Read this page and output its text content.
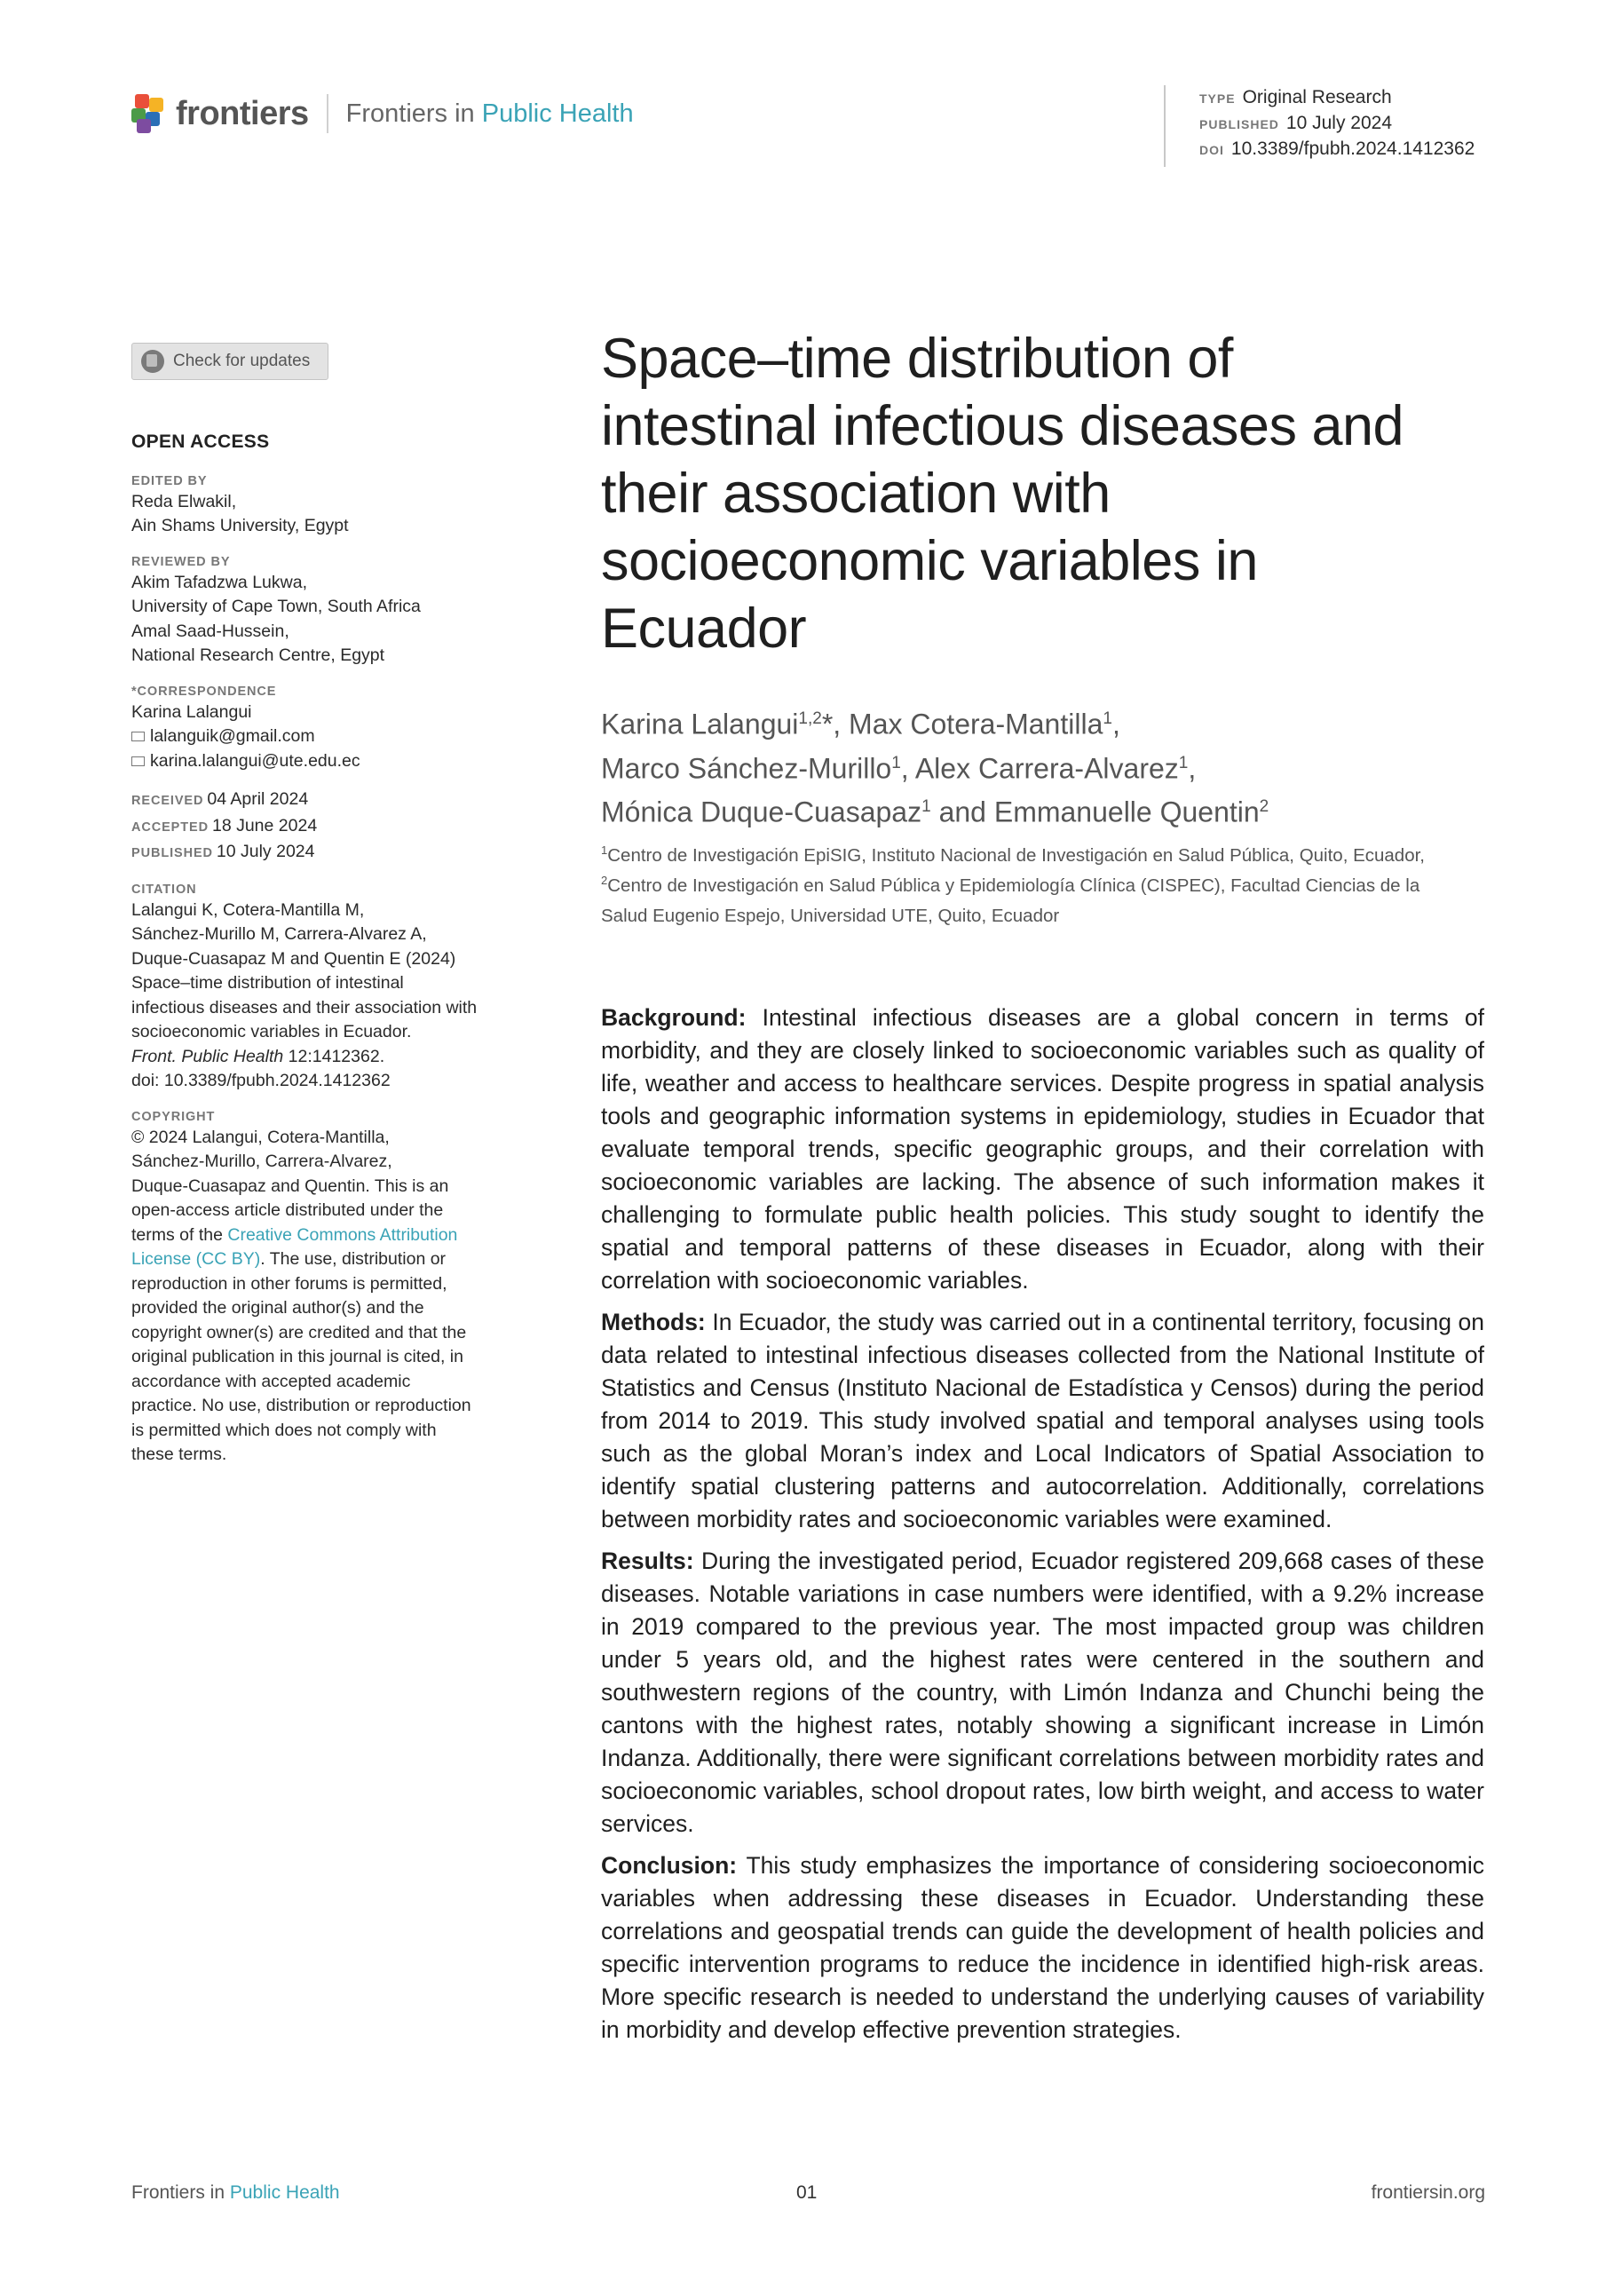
frontiers Frontiers in Public Health
TYPE Original Research
PUBLISHED 10 July 2024
DOI 10.3389/fpubh.2024.1412362
Check for updates
OPEN ACCESS
EDITED BY
Reda Elwakil,
Ain Shams University, Egypt
REVIEWED BY
Akim Tafadzwa Lukwa,
University of Cape Town, South Africa
Amal Saad-Hussein,
National Research Centre, Egypt
*CORRESPONDENCE
Karina Lalangui
lalanguik@gmail.com
karina.lalangui@ute.edu.ec
RECEIVED 04 April 2024
ACCEPTED 18 June 2024
PUBLISHED 10 July 2024
CITATION
Lalangui K, Cotera-Mantilla M,
Sánchez-Murillo M, Carrera-Alvarez A,
Duque-Cuasapaz M and Quentin E (2024)
Space–time distribution of intestinal
infectious diseases and their association with
socioeconomic variables in Ecuador.
Front. Public Health 12:1412362.
doi: 10.3389/fpubh.2024.1412362
COPYRIGHT
© 2024 Lalangui, Cotera-Mantilla,
Sánchez-Murillo, Carrera-Alvarez,
Duque-Cuasapaz and Quentin. This is an
open-access article distributed under the
terms of the Creative Commons Attribution
License (CC BY). The use, distribution or
reproduction in other forums is permitted,
provided the original author(s) and the
copyright owner(s) are credited and that the
original publication in this journal is cited, in
accordance with accepted academic
practice. No use, distribution or reproduction
is permitted which does not comply with
these terms.
Space–time distribution of
intestinal infectious diseases and
their association with
socioeconomic variables in
Ecuador
Karina Lalangui$^{1,2}$*, Max Cotera-Mantilla$^1$,
Marco Sánchez-Murillo$^1$, Alex Carrera-Alvarez$^1$,
Mónica Duque-Cuasapaz$^1$ and Emmanuelle Quentin$^2$
$^1$Centro de Investigación EpiSIG, Instituto Nacional de Investigación en Salud Pública, Quito, Ecuador,
$^2$Centro de Investigación en Salud Pública y Epidemiología Clínica (CISPEC), Facultad Ciencias de la
Salud Eugenio Espejo, Universidad UTE, Quito, Ecuador

Background: Intestinal infectious diseases are a global concern in terms of morbidity, and they are closely linked to socioeconomic variables such as quality of life, weather and access to healthcare services. Despite progress in spatial analysis tools and geographic information systems in epidemiology, studies in Ecuador that evaluate temporal trends, specific geographic groups, and their correlation with socioeconomic variables are lacking. The absence of such information makes it challenging to formulate public health policies. This study sought to identify the spatial and temporal patterns of these diseases in Ecuador, along with their correlation with socioeconomic variables.

Methods: In Ecuador, the study was carried out in a continental territory, focusing on data related to intestinal infectious diseases collected from the National Institute of Statistics and Census (Instituto Nacional de Estadística y Censos) during the period from 2014 to 2019. This study involved spatial and temporal analyses using tools such as the global Moran’s index and Local Indicators of Spatial Association to identify spatial clustering patterns and autocorrelation. Additionally, correlations between morbidity rates and socioeconomic variables were examined.

Results: During the investigated period, Ecuador registered 209,668 cases of these diseases. Notable variations in case numbers were identified, with a 9.2% increase in 2019 compared to the previous year. The most impacted group was children under 5 years old, and the highest rates were centered in the southern and southwestern regions of the country, with Limón Indanza and Chunchi being the cantons with the highest rates, notably showing a significant increase in Limón Indanza. Additionally, there were significant correlations between morbidity rates and socioeconomic variables, school dropout rates, low birth weight, and access to water services.

Conclusion: This study emphasizes the importance of considering socioeconomic variables when addressing these diseases in Ecuador. Understanding these correlations and geospatial trends can guide the development of health policies and specific intervention programs to reduce the incidence in identified high-risk areas. More specific research is needed to understand the underlying causes of variability in morbidity and develop effective prevention strategies.

Frontiers in Public Health	01	frontiersin.org
